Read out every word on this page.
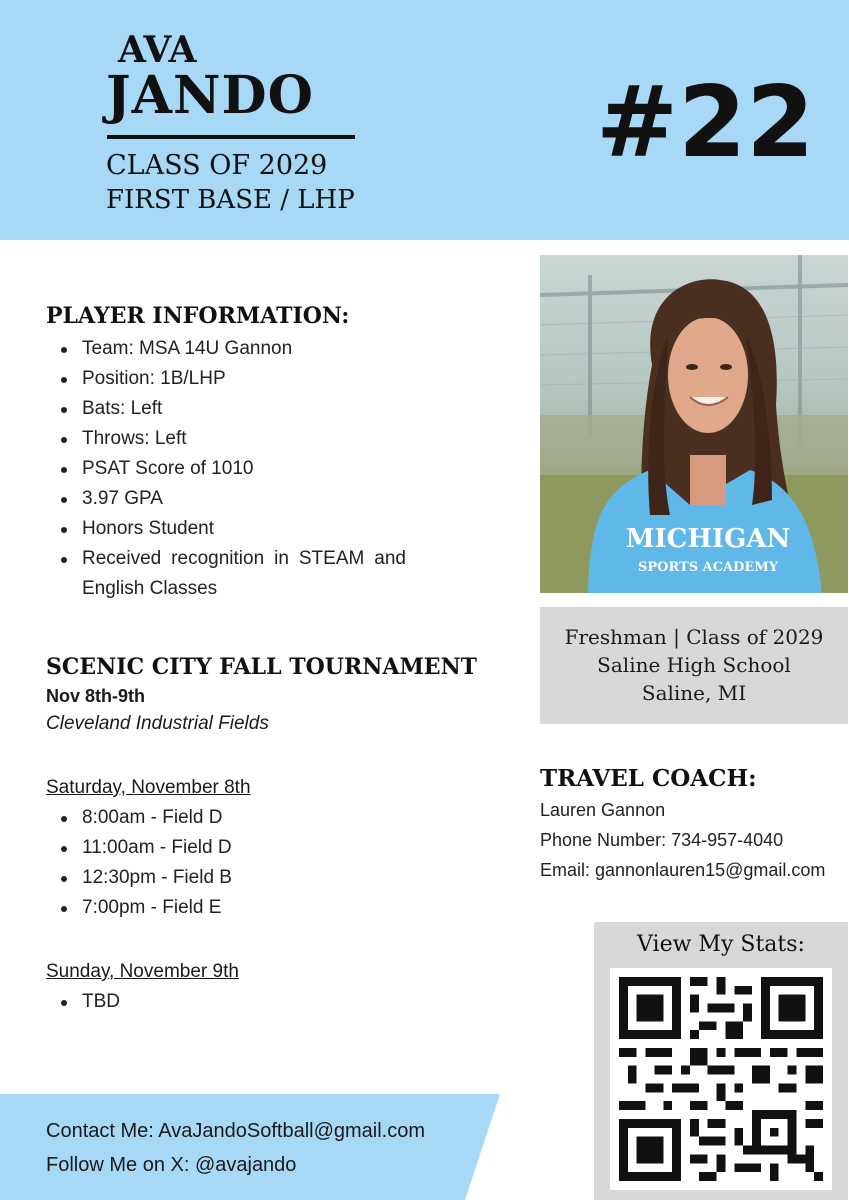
AVA
JANDO
CLASS OF 2029
FIRST BASE / LHP
#22
PLAYER INFORMATION:
Team: MSA 14U Gannon
Position: 1B/LHP
Bats: Left
Throws: Left
PSAT Score of 1010
3.97 GPA
Honors Student
Received recognition in STEAM and English Classes
SCENIC CITY FALL TOURNAMENT
Nov 8th-9th
Cleveland Industrial Fields
Saturday, November 8th
8:00am - Field D
11:00am - Field D
12:30pm - Field B
7:00pm - Field E
Sunday, November 9th
TBD
MICHIGAN
SPORTS ACADEMY
Freshman | Class of 2029
Saline High School
Saline, MI
TRAVEL COACH:
Lauren Gannon
Phone Number: 734-957-4040
Email: gannonlauren15@gmail.com
View My Stats:
Contact Me: AvaJandoSoftball@gmail.com
Follow Me on X: @avajando
